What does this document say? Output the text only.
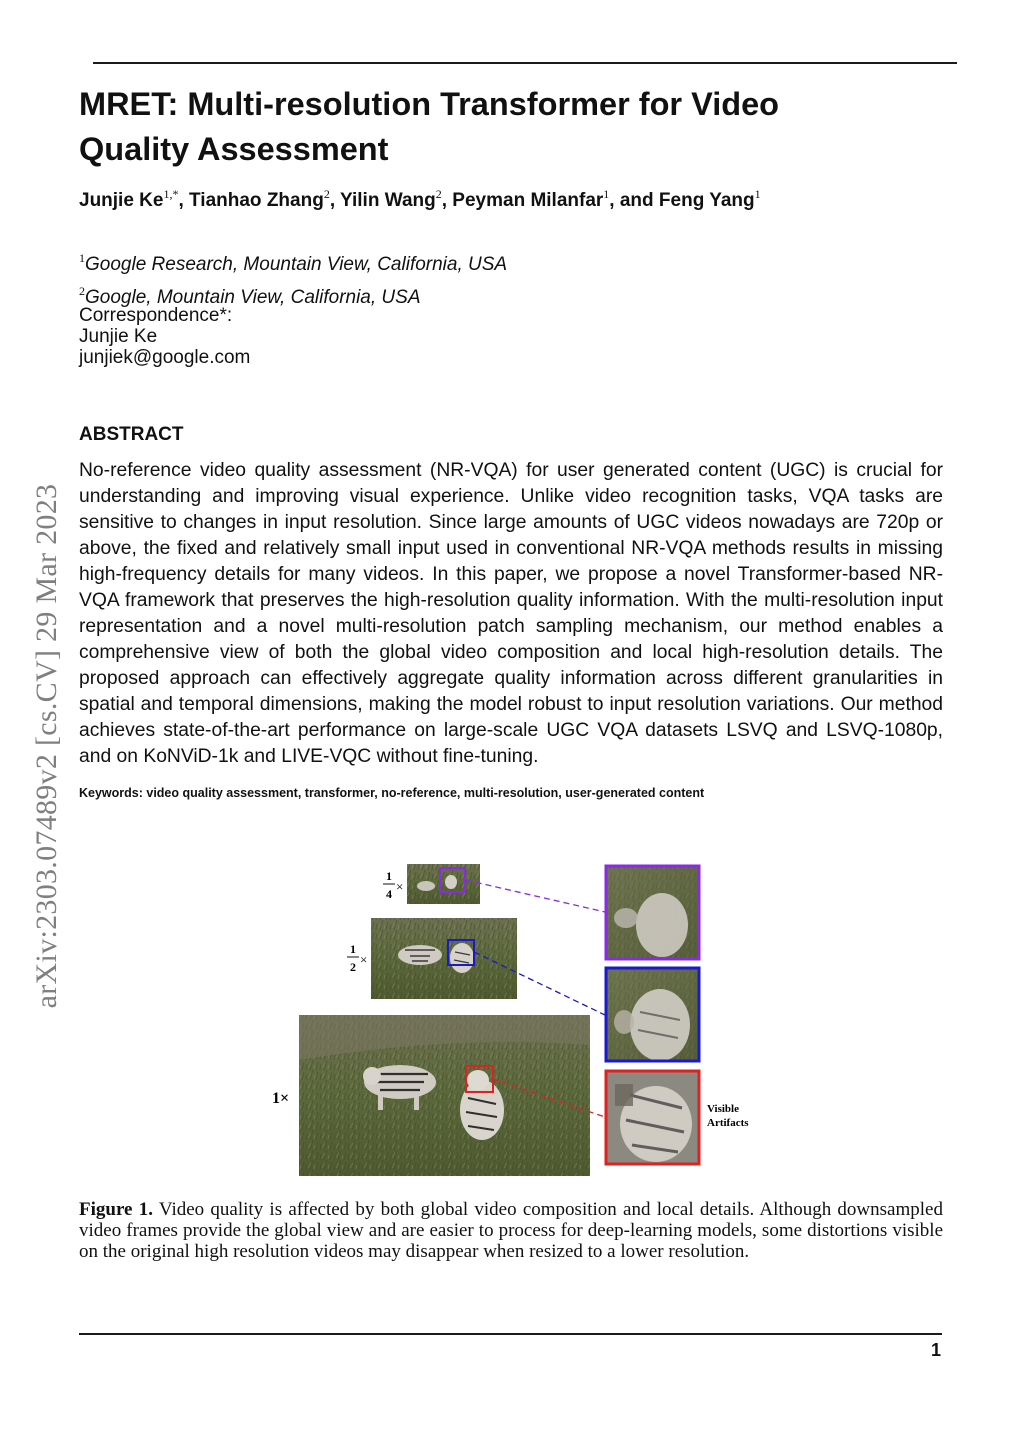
arXiv:2303.07489v2 [cs.CV] 29 Mar 2023
MRET: Multi-resolution Transformer for Video Quality Assessment

Junjie $Ke^{1,*}$, Tianhao Zhang$^2$, Yilin Wang$^2$, Peyman Milanfar$^1$, and Feng Yang$^1$

$^1$Google Research, Mountain View, California, USA
$^2$Google, Mountain View, California, USA
Correspondence*:
Junjie Ke
junjiek@google.com
ABSTRACT

No-reference video quality assessment (NR-VQA) for user generated content (UGC) is crucial for understanding and improving visual experience. Unlike video recognition tasks, VQA tasks are sensitive to changes in input resolution. Since large amounts of UGC videos nowadays are 720p or above, the fixed and relatively small input used in conventional NR-VQA methods results in missing high-frequency details for many videos. In this paper, we propose a novel Transformer-based NR-VQA framework that preserves the high-resolution quality information. With the multi-resolution input representation and a novel multi-resolution patch sampling mechanism, our method enables a comprehensive view of both the global video composition and local high-resolution details. The proposed approach can effectively aggregate quality information across different granularities in spatial and temporal dimensions, making the model robust to input resolution variations. Our method achieves state-of-the-art performance on large-scale UGC VQA datasets LSVQ and LSVQ-1080p, and on KoNViD-1k and LIVE-VQC without fine-tuning.

Keywords: video quality assessment, transformer, no-reference, multi-resolution, user-generated content

1
4 ×
1
2 ×
1×
Visible
Artifacts

Figure 1. Video quality is affected by both global video composition and local details. Although downsampled video frames provide the global view and are easier to process for deep-learning models, some distortions visible on the original high resolution videos may disappear when resized to a lower resolution.

1
